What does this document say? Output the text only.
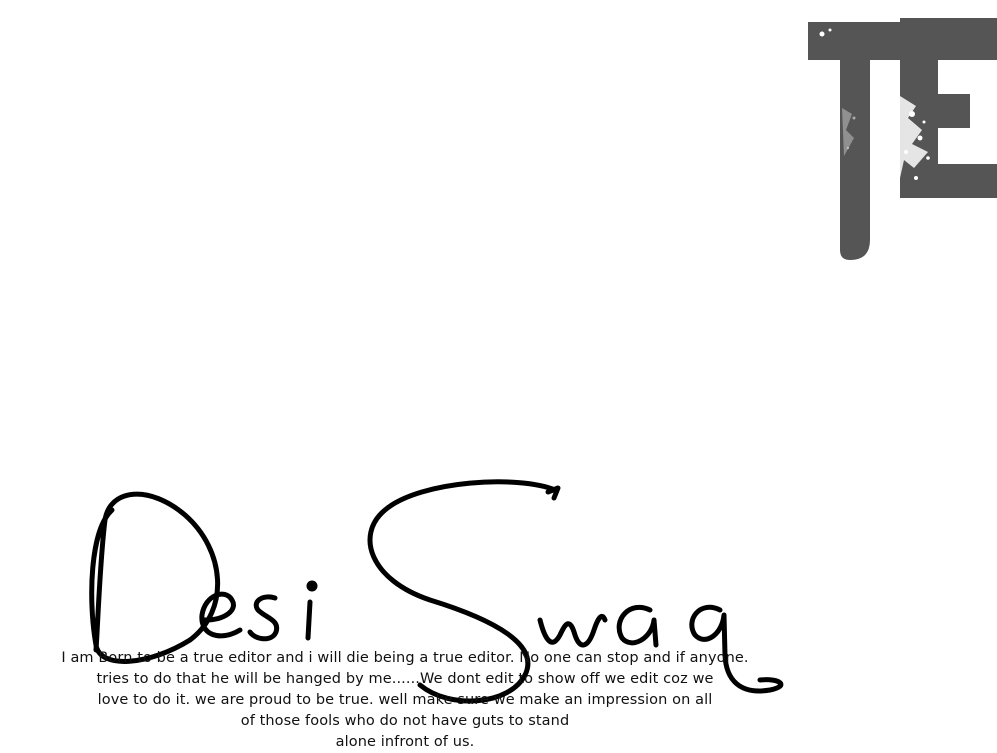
I am Born to be a true editor and i will die being a true editor. No one can stop and if anyone.
tries to do that he will be hanged by me......We dont edit to show off we edit coz we
love to do it. we are proud to be true. well make sure we make an impression on all
of those fools who do not have guts to stand
alone infront of us.
